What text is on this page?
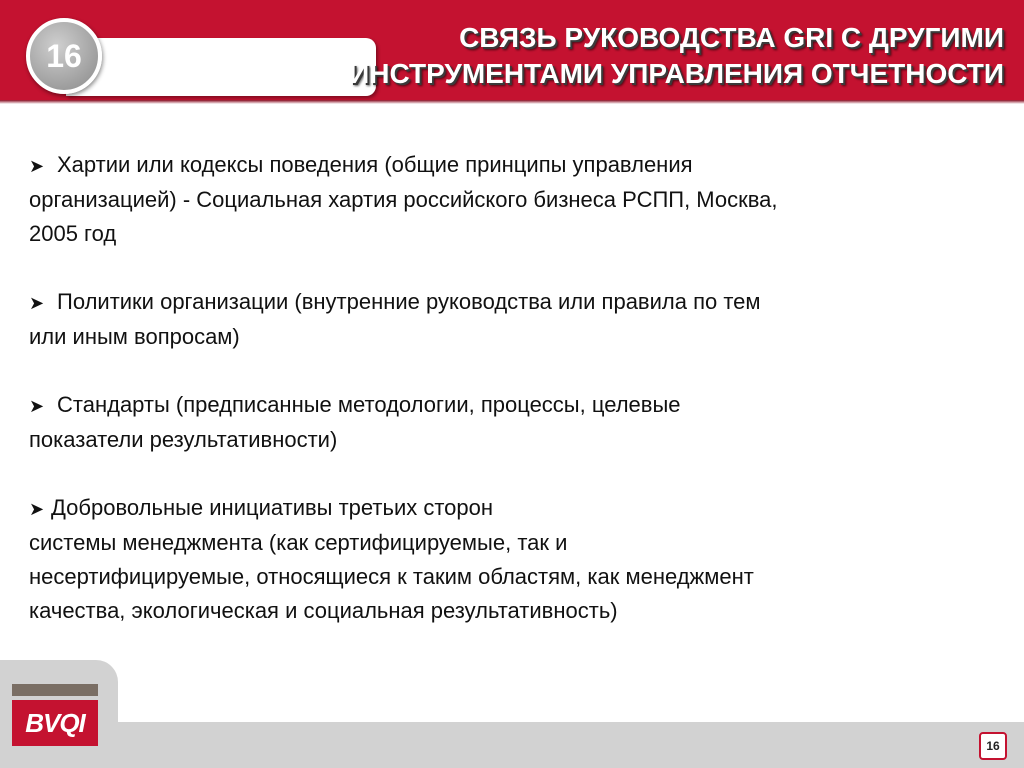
16	СВЯЗЬ РУКОВОДСТВА GRI С ДРУГИМИ
ИНСТРУМЕНТАМИ УПРАВЛЕНИЯ ОТЧЕТНОСТИ
➤ Хартии или кодексы поведения (общие принципы управления
организацией) - Социальная хартия российского бизнеса РСПП, Москва,
2005 год
➤ Политики организации (внутренние руководства или правила по тем
или иным вопросам)
➤ Стандарты (предписанные методологии, процессы, целевые
показатели результативности)
➤ Добровольные инициативы третьих сторон
системы менеджмента (как сертифицируемые, так и
несертифицируемые, относящиеся к таким областям, как менеджмент
качества, экологическая и социальная результативность)
BVQI
16
